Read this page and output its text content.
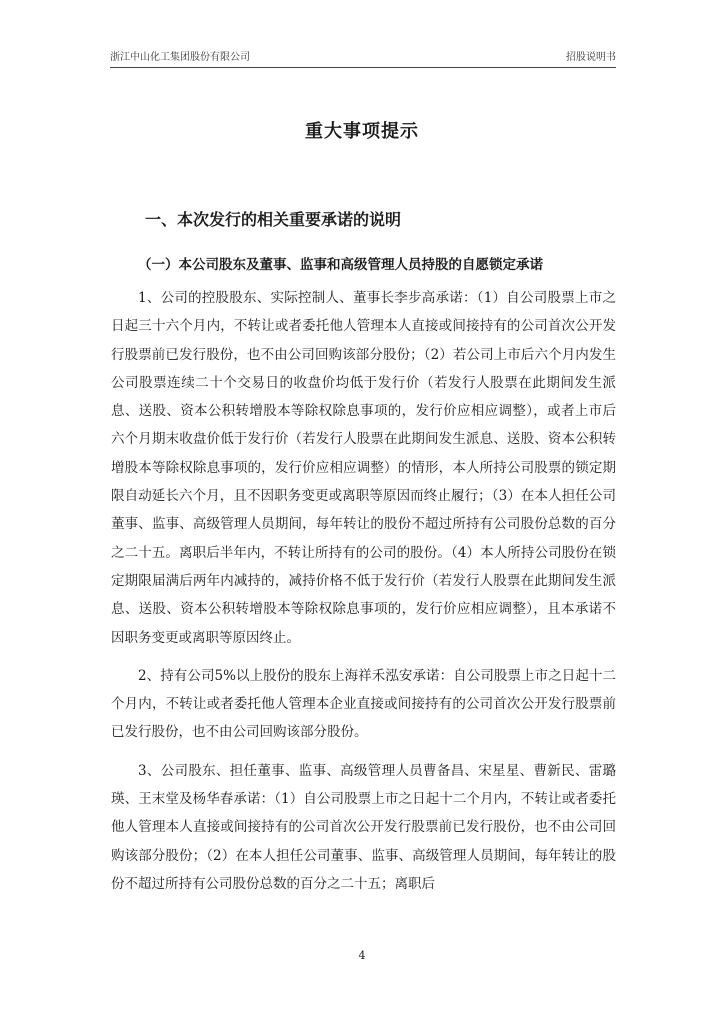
浙江中山化工集团股份有限公司	招股说明书
重大事项提示
一、本次发行的相关重要承诺的说明
（一）本公司股东及董事、监事和高级管理人员持股的自愿锁定承诺

1、公司的控股股东、实际控制人、董事长李步高承诺：（1）自公司股票上市之日起三十六个月内，不转让或者委托他人管理本人直接或间接持有的公司首次公开发行股票前已发行股份，也不由公司回购该部分股份；（2）若公司上市后六个月内发生公司股票连续二十个交易日的收盘价均低于发行价（若发行人股票在此期间发生派息、送股、资本公积转增股本等除权除息事项的，发行价应相应调整），或者上市后六个月期末收盘价低于发行价（若发行人股票在此期间发生派息、送股、资本公积转增股本等除权除息事项的，发行价应相应调整）的情形，本人所持公司股票的锁定期限自动延长六个月，且不因职务变更或离职等原因而终止履行；（3）在本人担任公司董事、监事、高级管理人员期间，每年转让的股份不超过所持有公司股份总数的百分之二十五。离职后半年内，不转让所持有的公司的股份。（4）本人所持公司股份在锁定期限届满后两年内减持的，减持价格不低于发行价（若发行人股票在此期间发生派息、送股、资本公积转增股本等除权除息事项的，发行价应相应调整），且本承诺不因职务变更或离职等原因终止。

2、持有公司5%以上股份的股东上海祥禾泓安承诺：自公司股票上市之日起十二个月内，不转让或者委托他人管理本企业直接或间接持有的公司首次公开发行股票前已发行股份，也不由公司回购该部分股份。

3、公司股东、担任董事、监事、高级管理人员曹备昌、宋星星、曹新民、雷璐瑛、王末堂及杨华春承诺：（1）自公司股票上市之日起十二个月内，不转让或者委托他人管理本人直接或间接持有的公司首次公开发行股票前已发行股份，也不由公司回购该部分股份；（2）在本人担任公司董事、监事、高级管理人员期间，每年转让的股份不超过所持有公司股份总数的百分之二十五；离职后

4
